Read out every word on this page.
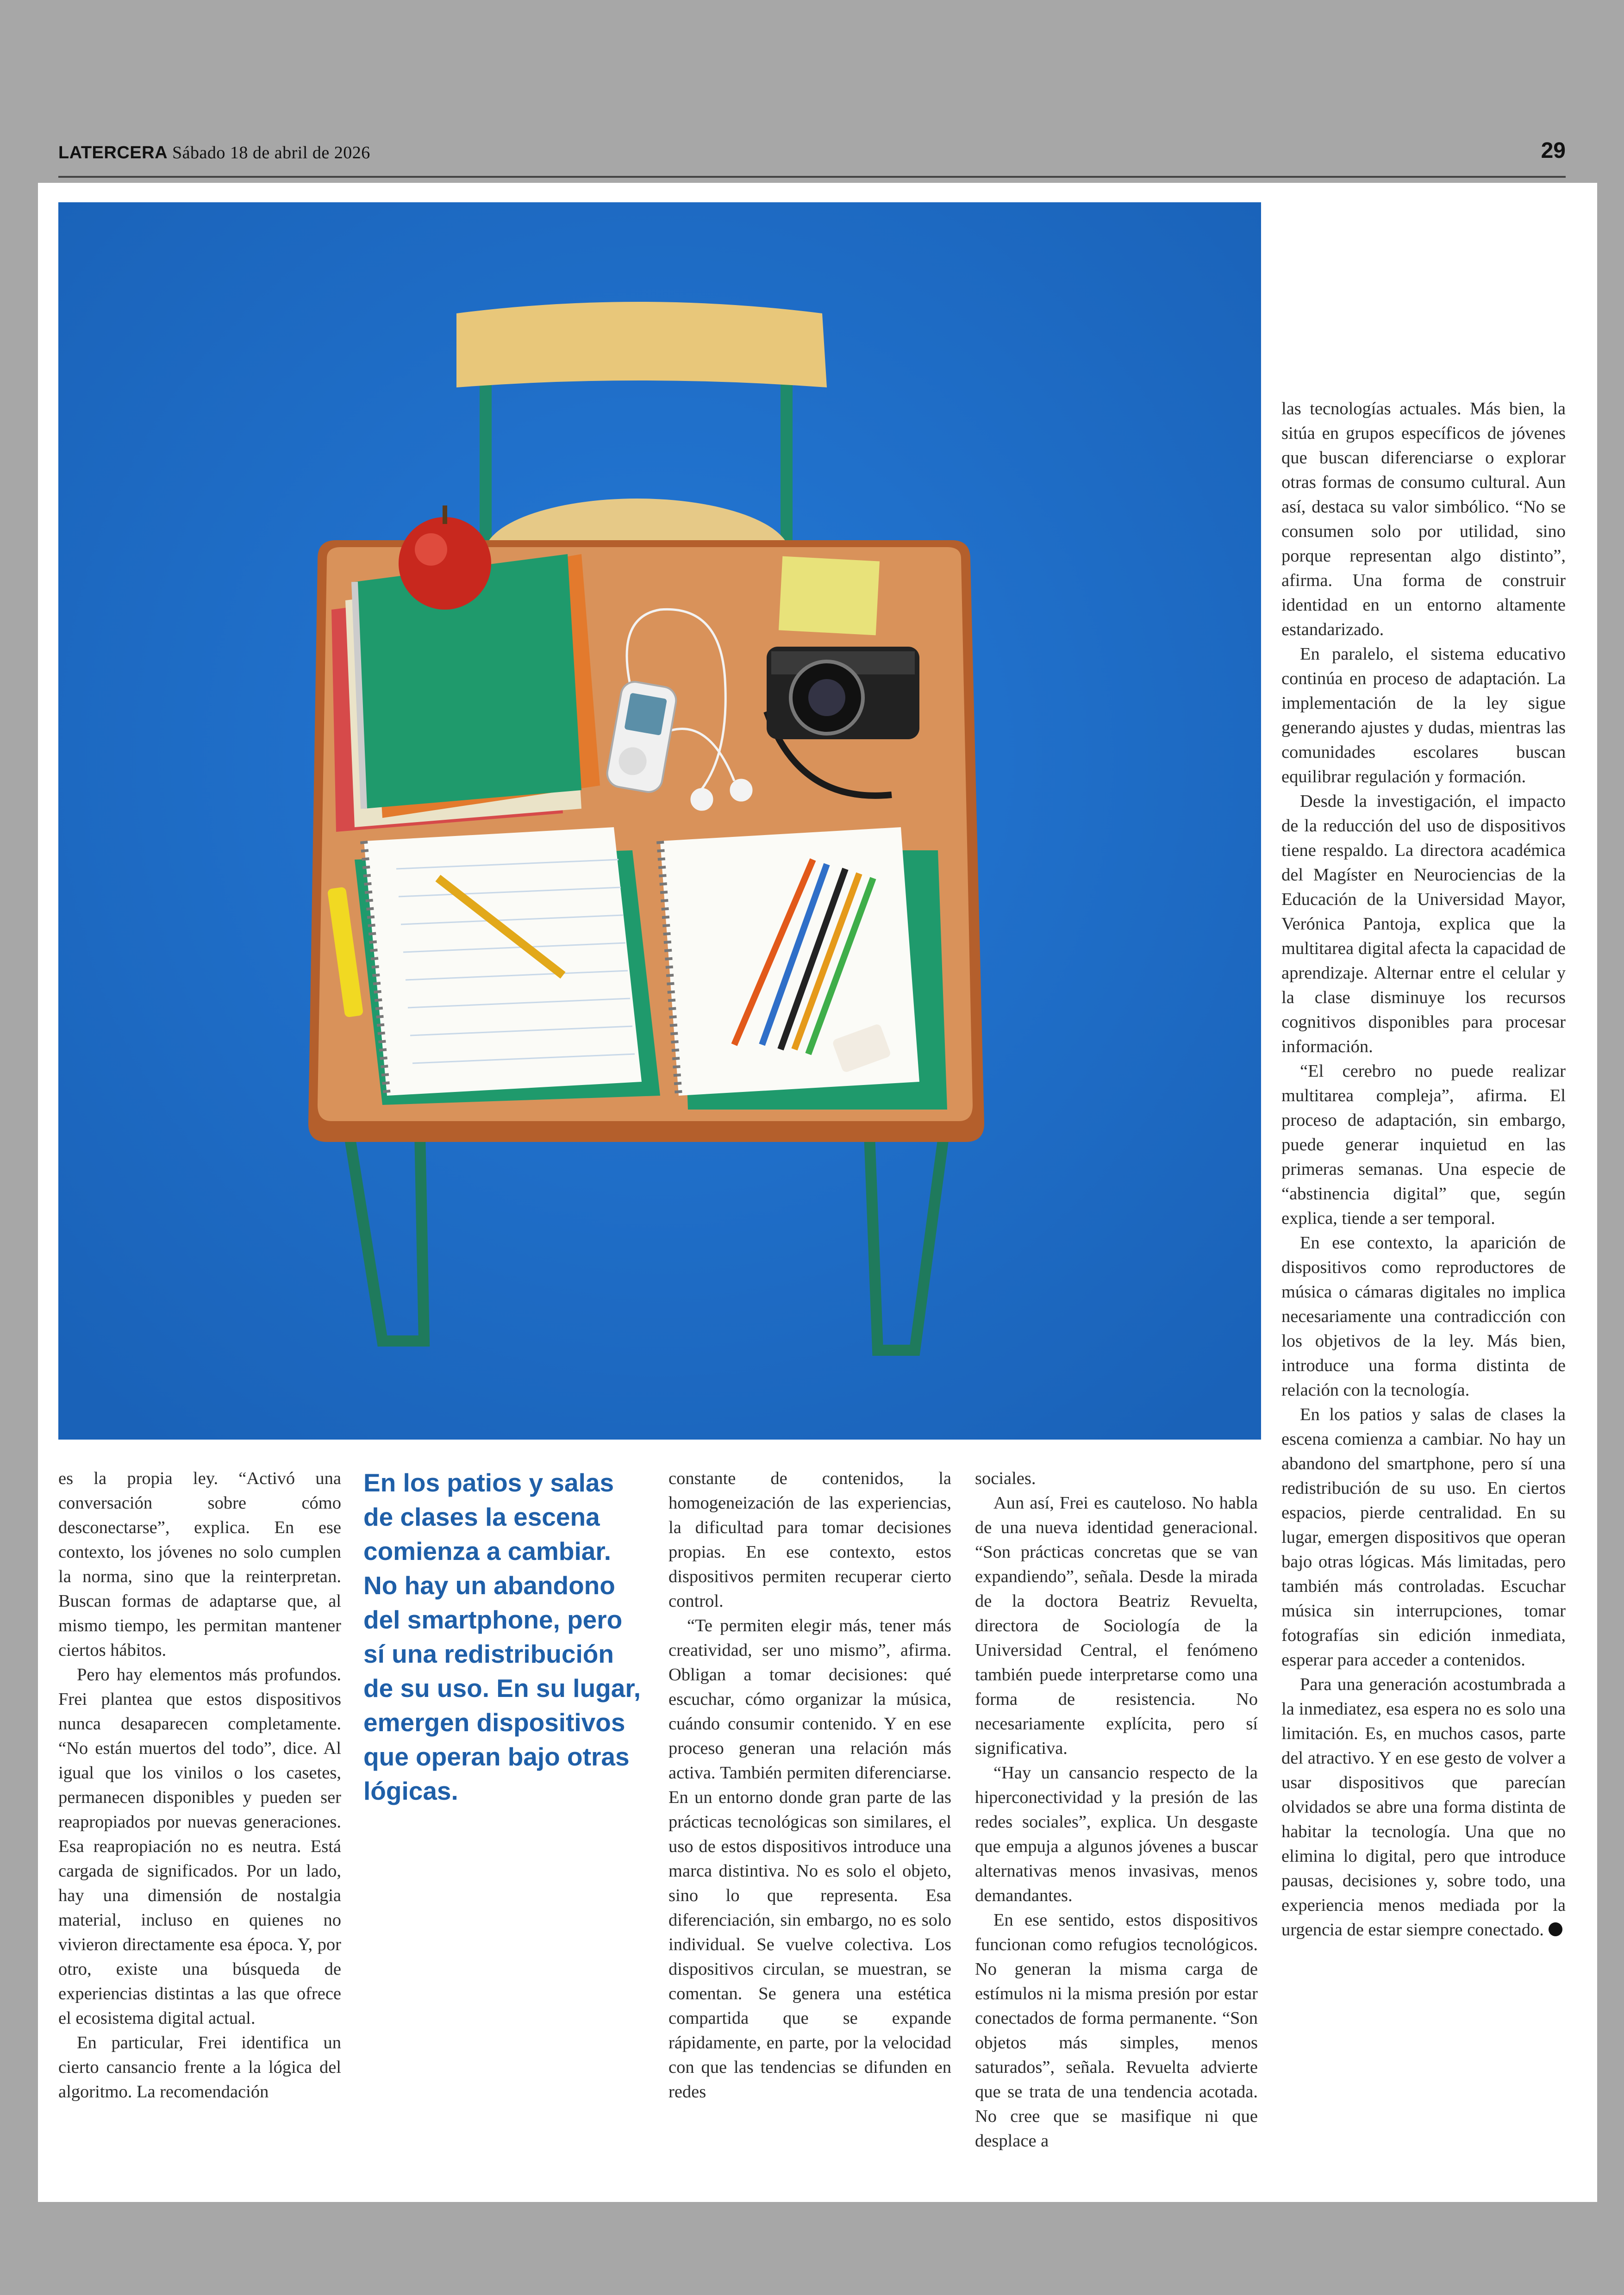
LATERCERA Sábado 18 de abril de 2026	29

es la propia ley. “Activó una conversación sobre cómo desconectarse”, explica. En ese contexto, los jóvenes no solo cumplen la norma, sino que la reinterpretan. Buscan formas de adaptarse que, al mismo tiempo, les permitan mantener ciertos hábitos.

Pero hay elementos más profundos. Frei plantea que estos dispositivos nunca desaparecen completamente. “No están muertos del todo”, dice. Al igual que los vinilos o los casetes, permanecen disponibles y pueden ser reapropiados por nuevas generaciones. Esa reapropiación no es neutra. Está cargada de significados. Por un lado, hay una dimensión de nostalgia material, incluso en quienes no vivieron directamente esa época. Y, por otro, existe una búsqueda de experiencias distintas a las que ofrece el ecosistema digital actual.

En particular, Frei identifica un cierto cansancio frente a la lógica del algoritmo. La recomendación

En los patios y salas de clases la escena comienza a cambiar. No hay un abandono del smartphone, pero sí una redistribución de su uso. En su lugar, emergen dispositivos que operan bajo otras lógicas.

constante de contenidos, la homogeneización de las experiencias, la dificultad para tomar decisiones propias. En ese contexto, estos dispositivos permiten recuperar cierto control.

“Te permiten elegir más, tener más creatividad, ser uno mismo”, afirma. Obligan a tomar decisiones: qué escuchar, cómo organizar la música, cuándo consumir contenido. Y en ese proceso generan una relación más activa. También permiten diferenciarse. En un entorno donde gran parte de las prácticas tecnológicas son similares, el uso de estos dispositivos introduce una marca distintiva. No es solo el objeto, sino lo que representa. Esa diferenciación, sin embargo, no es solo individual. Se vuelve colectiva. Los dispositivos circulan, se muestran, se comentan. Se genera una estética compartida que se expande rápidamente, en parte, por la velocidad con que las tendencias se difunden en redes

sociales.

Aun así, Frei es cauteloso. No habla de una nueva identidad generacional. “Son prácticas concretas que se van expandiendo”, señala. Desde la mirada de la doctora Beatriz Revuelta, directora de Sociología de la Universidad Central, el fenómeno también puede interpretarse como una forma de resistencia. No necesariamente explícita, pero sí significativa.

“Hay un cansancio respecto de la hiperconectividad y la presión de las redes sociales”, explica. Un desgaste que empuja a algunos jóvenes a buscar alternativas menos invasivas, menos demandantes.

En ese sentido, estos dispositivos funcionan como refugios tecnológicos. No generan la misma carga de estímulos ni la misma presión por estar conectados de forma permanente. “Son objetos más simples, menos saturados”, señala. Revuelta advierte que se trata de una tendencia acotada. No cree que se masifique ni que desplace a

las tecnologías actuales. Más bien, la sitúa en grupos específicos de jóvenes que buscan diferenciarse o explorar otras formas de consumo cultural. Aun así, destaca su valor simbólico. “No se consumen solo por utilidad, sino porque representan algo distinto”, afirma. Una forma de construir identidad en un entorno altamente estandarizado.

En paralelo, el sistema educativo continúa en proceso de adaptación. La implementación de la ley sigue generando ajustes y dudas, mientras las comunidades escolares buscan equilibrar regulación y formación.

Desde la investigación, el impacto de la reducción del uso de dispositivos tiene respaldo. La directora académica del Magíster en Neurociencias de la Educación de la Universidad Mayor, Verónica Pantoja, explica que la multitarea digital afecta la capacidad de aprendizaje. Alternar entre el celular y la clase disminuye los recursos cognitivos disponibles para procesar información.

“El cerebro no puede realizar multitarea compleja”, afirma. El proceso de adaptación, sin embargo, puede generar inquietud en las primeras semanas. Una especie de “abstinencia digital” que, según explica, tiende a ser temporal.

En ese contexto, la aparición de dispositivos como reproductores de música o cámaras digitales no implica necesariamente una contradicción con los objetivos de la ley. Más bien, introduce una forma distinta de relación con la tecnología.

En los patios y salas de clases la escena comienza a cambiar. No hay un abandono del smartphone, pero sí una redistribución de su uso. En ciertos espacios, pierde centralidad. En su lugar, emergen dispositivos que operan bajo otras lógicas. Más limitadas, pero también más controladas. Escuchar música sin interrupciones, tomar fotografías sin edición inmediata, esperar para acceder a contenidos.

Para una generación acostumbrada a la inmediatez, esa espera no es solo una limitación. Es, en muchos casos, parte del atractivo. Y en ese gesto de volver a usar dispositivos que parecían olvidados se abre una forma distinta de habitar la tecnología. Una que no elimina lo digital, pero que introduce pausas, decisiones y, sobre todo, una experiencia menos mediada por la urgencia de estar siempre conectado.
